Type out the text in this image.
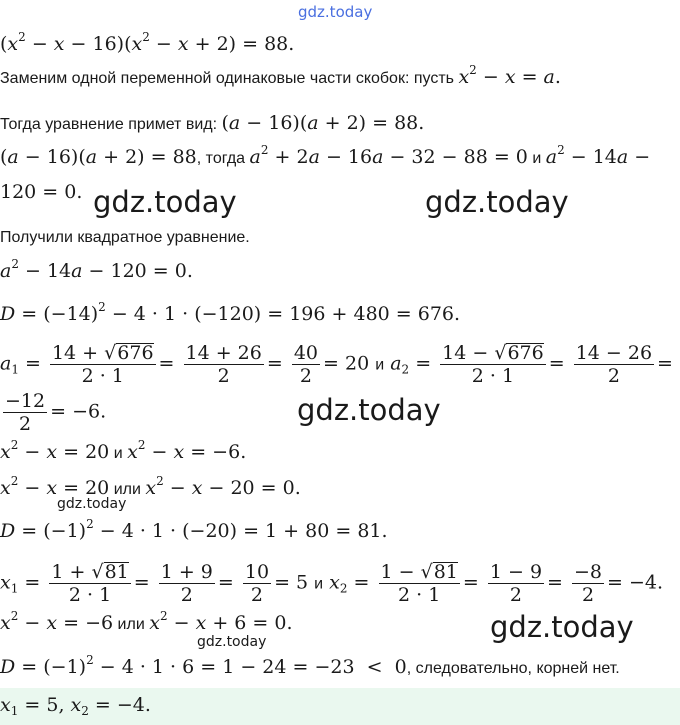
gdz.today
$(x^2 - x - 16)(x^2 - x + 2) = 88$.
Заменим одной переменной одинаковые части скобок: пусть $x^2 - x = a$.
Тогда уравнение примет вид: (a − 16)(a + 2) = 88.
(a − 16)(a + 2) = 88, тогда $a^2 + 2a - 16a - 32 - 88 = 0$ и $a^2 - 14a$ −
120 = 0. gdz.today	gdz.today
Получили квадратное уравнение.
$a^2 - 14a - 120 = 0$.
$D = (-14)^2 - 4 \cdot 1 \cdot (-120) = 196 + 480 = 676$.
$a_1 = \frac{14 + √676}{2 \cdot 1} = \frac{14 + 26}{2} = \frac{40}{2} = 20$ и $a_2 = \frac{14 - √676}{2 \cdot 1} = \frac{14 - 26}{2}$ =
$\frac{-12}{2} = -6$.	gdz.today
$x^2 - x = 20$ и $x^2 - x = -6$.
$x^2 - x = 20$ или $x^2 - x - 20 = 0$.
gdz.today
$D = (-1)^2 - 4 \cdot 1 \cdot (-20) = 1 + 80 = 81$.
$x_1 = \frac{1 + √81}{2 \cdot 1} = \frac{1 + 9}{2} = \frac{10}{2} = 5$ и $x_2 = \frac{1 - √81}{2 \cdot 1} = \frac{1 - 9}{2} = \frac{-8}{2} = -4$.
$x^2 - x = -6$ или $x^2 - x + 6 = 0$.
gdz.today	gdz.today
$D = (-1)^2 - 4 \cdot 1 \cdot 6 = 1 - 24 = -23 < 0$, следовательно, корней нет.
$x_1 = 5$, $x_2 = -4$.
